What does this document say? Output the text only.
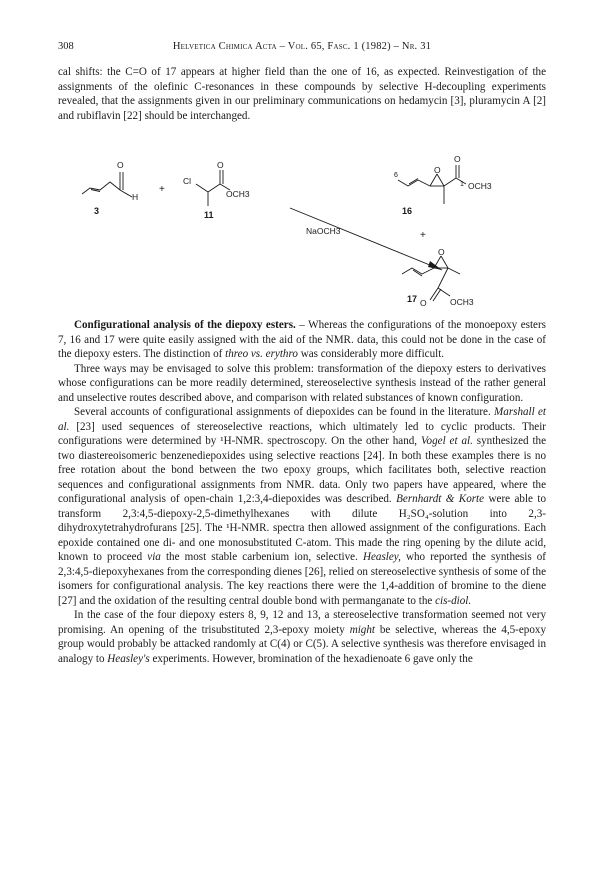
308	Helvetica Chimica Acta – Vol. 65, Fasc. 1 (1982) – Nr. 31

cal shifts: the C=O of 17 appears at higher field than the one of 16, as expected. Reinvestigation of the assignments of the olefinic C-resonances in these compounds by selective H-decoupling experiments revealed, that the assignments given in our preliminary communications on hedamycin [3], pluramycin A [2] and rubiflavin [22] should be interchanged.

O
H
+
Cl
O
OCH3
NaOCH3
6
O
O
1 OCH3
+
O
O	OCH3
3	11	16
17

Configurational analysis of the diepoxy esters. – Whereas the configurations of the monoepoxy esters 7, 16 and 17 were quite easily assigned with the aid of the NMR. data, this could not be done in the case of the diepoxy esters. The distinction of threo vs. erythro was considerably more difficult.

Three ways may be envisaged to solve this problem: transformation of the diepoxy esters to derivatives whose configurations can be more readily determined, stereoselective synthesis instead of the rather general and unselective routes described above, and comparison with related substances of known configuration.

Several accounts of configurational assignments of diepoxides can be found in the literature. Marshall et al. [23] used sequences of stereoselective reactions, which ultimately led to cyclic products. Their configurations were determined by ¹H-NMR. spectroscopy. On the other hand, Vogel et al. synthesized the two diastereoisomeric benzenediepoxides using selective reactions [24]. In both these examples there is no free rotation about the bond between the two epoxy groups, which facilitates both, selective reaction sequences and configurational assignments from NMR. data. Only two papers have appeared, where the configurational analysis of open-chain 1,2:3,4-diepoxides was described. Bernhardt & Korte were able to transform 2,3:4,5-diepoxy-2,5-dimethylhexanes with dilute H₂SO₄-solution into 2,3-dihydroxytetrahydrofurans [25]. The ¹H-NMR. spectra then allowed assignment of the configurations. Each epoxide contained one di- and one monosubstituted C-atom. This made the ring opening by the dilute acid, known to proceed via the most stable carbenium ion, selective. Heasley, who reported the synthesis of 2,3:4,5-diepoxyhexanes from the corresponding dienes [26], relied on stereoselective synthesis of some of the isomers for configurational analysis. The key reactions there were the 1,4-addition of bromine to the diene [27] and the oxidation of the resulting central double bond with permanganate to the cis-diol.

In the case of the four diepoxy esters 8, 9, 12 and 13, a stereoselective transformation seemed not very promising. An opening of the trisubstituted 2,3-epoxy moiety might be selective, whereas the 4,5-epoxy group would probably be attacked randomly at C(4) or C(5). A selective synthesis was therefore envisaged in analogy to Heasley's experiments. However, bromination of the hexadienoate 6 gave only the
